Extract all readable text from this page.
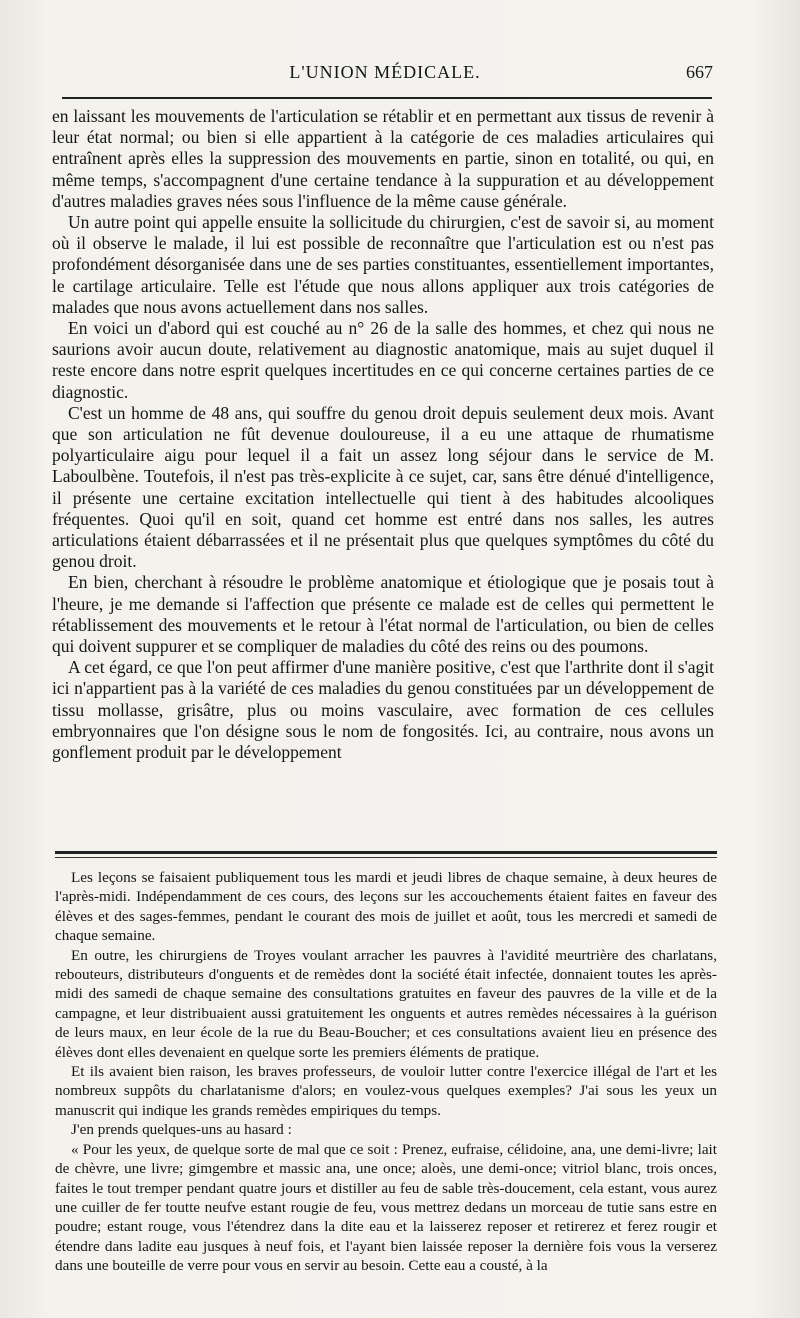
L'UNION MÉDICALE.	667

en laissant les mouvements de l'articulation se rétablir et en permettant aux tissus de revenir à leur état normal; ou bien si elle appartient à la catégorie de ces maladies articulaires qui entraînent après elles la suppression des mouvements en partie, sinon en totalité, ou qui, en même temps, s'accompagnent d'une certaine tendance à la suppuration et au développement d'autres maladies graves nées sous l'influence de la même cause générale.

Un autre point qui appelle ensuite la sollicitude du chirurgien, c'est de savoir si, au moment où il observe le malade, il lui est possible de reconnaître que l'articulation est ou n'est pas profondément désorganisée dans une de ses parties constituantes, essentiellement importantes, le cartilage articulaire. Telle est l'étude que nous allons appliquer aux trois catégories de malades que nous avons actuellement dans nos salles.

En voici un d'abord qui est couché au n° 26 de la salle des hommes, et chez qui nous ne saurions avoir aucun doute, relativement au diagnostic anatomique, mais au sujet duquel il reste encore dans notre esprit quelques incertitudes en ce qui concerne certaines parties de ce diagnostic.

C'est un homme de 48 ans, qui souffre du genou droit depuis seulement deux mois. Avant que son articulation ne fût devenue douloureuse, il a eu une attaque de rhumatisme polyarticulaire aigu pour lequel il a fait un assez long séjour dans le service de M. Laboulbène. Toutefois, il n'est pas très-explicite à ce sujet, car, sans être dénué d'intelligence, il présente une certaine excitation intellectuelle qui tient à des habitudes alcooliques fréquentes. Quoi qu'il en soit, quand cet homme est entré dans nos salles, les autres articulations étaient débarrassées et il ne présentait plus que quelques symptômes du côté du genou droit.

En bien, cherchant à résoudre le problème anatomique et étiologique que je posais tout à l'heure, je me demande si l'affection que présente ce malade est de celles qui permettent le rétablissement des mouvements et le retour à l'état normal de l'articulation, ou bien de celles qui doivent suppurer et se compliquer de maladies du côté des reins ou des poumons.

A cet égard, ce que l'on peut affirmer d'une manière positive, c'est que l'arthrite dont il s'agit ici n'appartient pas à la variété de ces maladies du genou constituées par un développement de tissu mollasse, grisâtre, plus ou moins vasculaire, avec formation de ces cellules embryonnaires que l'on désigne sous le nom de fongosités. Ici, au contraire, nous avons un gonflement produit par le développement

Les leçons se faisaient publiquement tous les mardi et jeudi libres de chaque semaine, à deux heures de l'après-midi. Indépendamment de ces cours, des leçons sur les accouchements étaient faites en faveur des élèves et des sages-femmes, pendant le courant des mois de juillet et août, tous les mercredi et samedi de chaque semaine.

En outre, les chirurgiens de Troyes voulant arracher les pauvres à l'avidité meurtrière des charlatans, rebouteurs, distributeurs d'onguents et de remèdes dont la société était infectée, donnaient toutes les après-midi des samedi de chaque semaine des consultations gratuites en faveur des pauvres de la ville et de la campagne, et leur distribuaient aussi gratuitement les onguents et autres remèdes nécessaires à la guérison de leurs maux, en leur école de la rue du Beau-Boucher; et ces consultations avaient lieu en présence des élèves dont elles devenaient en quelque sorte les premiers éléments de pratique.

Et ils avaient bien raison, les braves professeurs, de vouloir lutter contre l'exercice illégal de l'art et les nombreux suppôts du charlatanisme d'alors; en voulez-vous quelques exemples? J'ai sous les yeux un manuscrit qui indique les grands remèdes empiriques du temps.

J'en prends quelques-uns au hasard :

« Pour les yeux, de quelque sorte de mal que ce soit : Prenez, eufraise, célidoine, ana, une demi-livre; lait de chèvre, une livre; gimgembre et massic ana, une once; aloès, une demi-once; vitriol blanc, trois onces, faites le tout tremper pendant quatre jours et distiller au feu de sable très-doucement, cela estant, vous aurez une cuiller de fer toutte neufve estant rougie de feu, vous mettrez dedans un morceau de tutie sans estre en poudre; estant rouge, vous l'étendrez dans la dite eau et la laisserez reposer et retirerez et ferez rougir et étendre dans ladite eau jusques à neuf fois, et l'ayant bien laissée reposer la dernière fois vous la verserez dans une bouteille de verre pour vous en servir au besoin. Cette eau a cousté, à la
